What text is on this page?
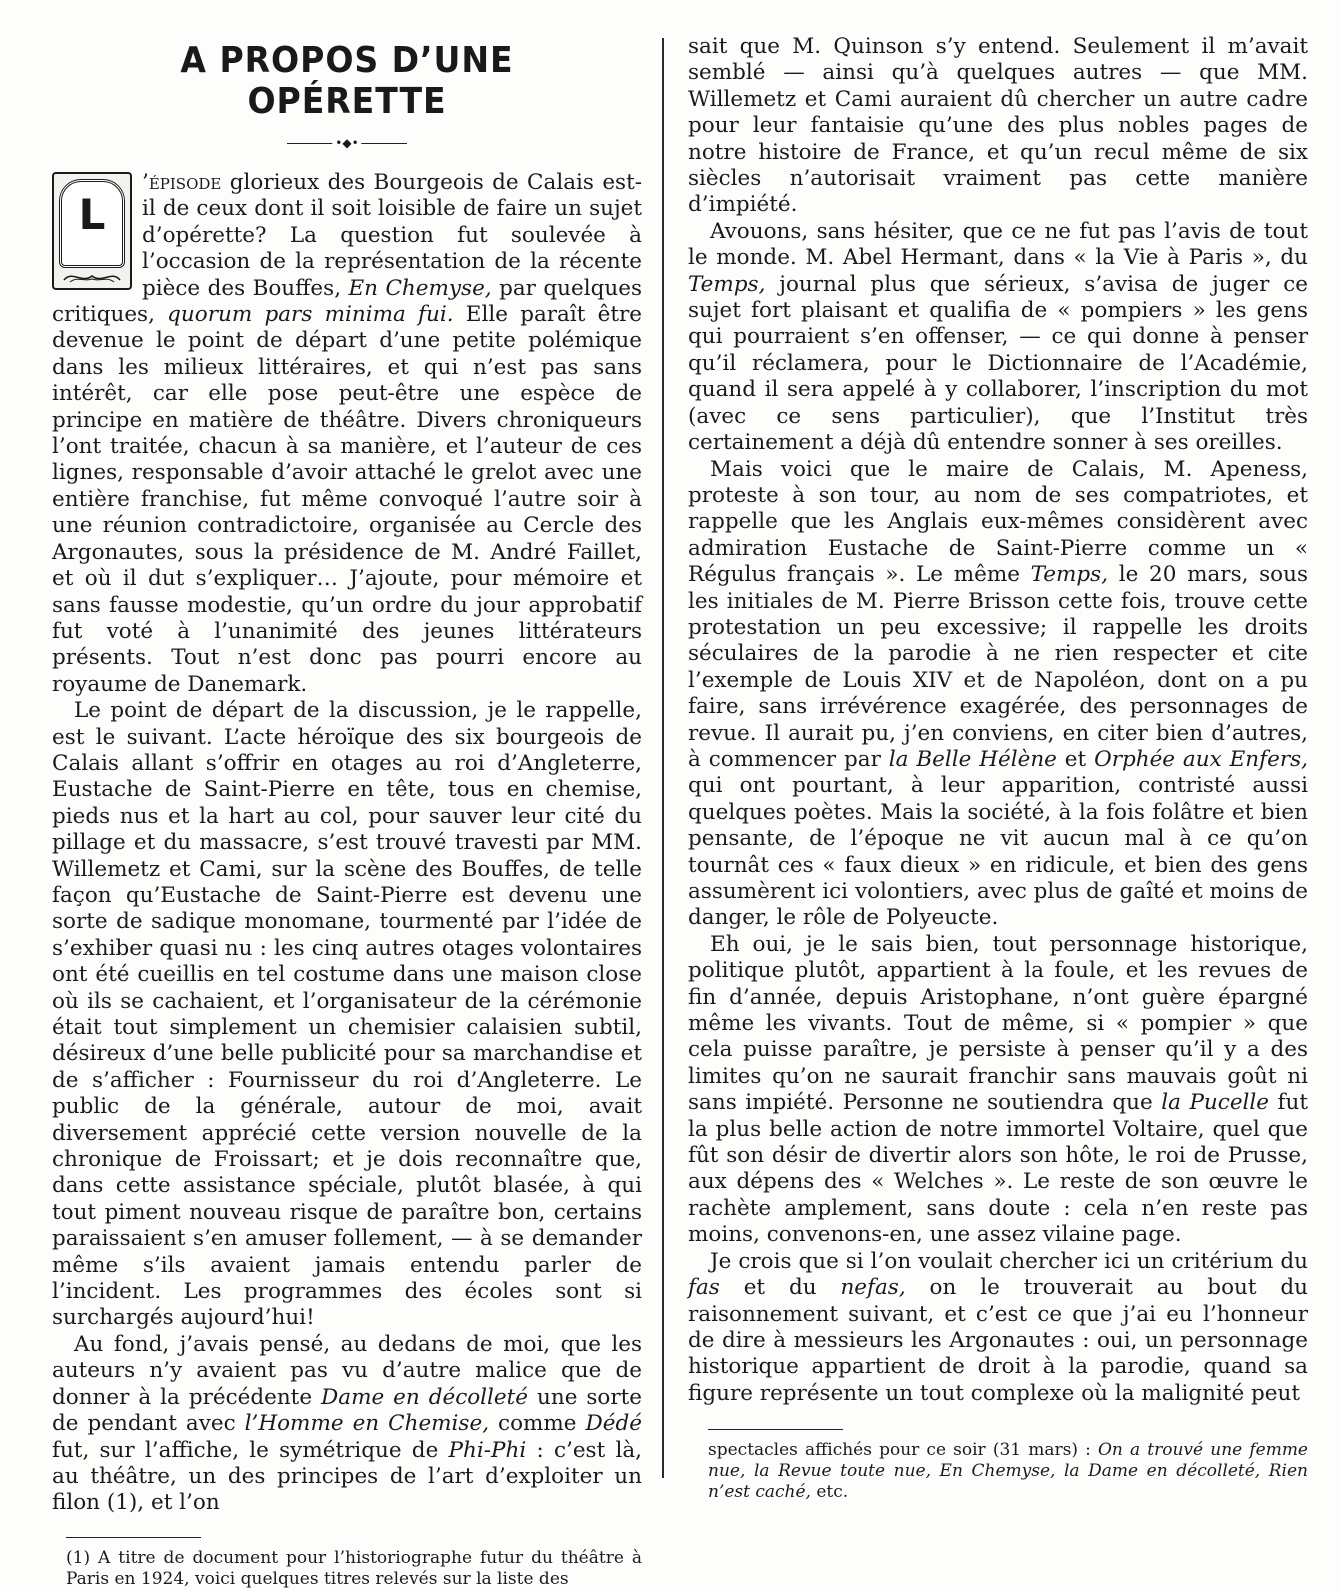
A PROPOS D’UNE OPÉRETTE
•◆•

L
’épisode glorieux des Bourgeois de Calais est-il de ceux dont il soit loisible de faire un sujet d’opérette? La question fut soulevée à l’occasion de la représentation de la récente pièce des Bouffes, En Chemyse, par quelques critiques, quorum pars minima fui. Elle paraît être devenue le point de départ d’une petite polémique dans les milieux littéraires, et qui n’est pas sans intérêt, car elle pose peut-être une espèce de principe en matière de théâtre. Divers chroniqueurs l’ont traitée, chacun à sa manière, et l’auteur de ces lignes, responsable d’avoir attaché le grelot avec une entière franchise, fut même convoqué l’autre soir à une réunion contradictoire, organisée au Cercle des Argonautes, sous la présidence de M. André Faillet, et où il dut s’expliquer… J’ajoute, pour mémoire et sans fausse modestie, qu’un ordre du jour approbatif fut voté à l’unanimité des jeunes littérateurs présents. Tout n’est donc pas pourri encore au royaume de Danemark.

Le point de départ de la discussion, je le rappelle, est le suivant. L’acte héroïque des six bourgeois de Calais allant s’offrir en otages au roi d’Angleterre, Eustache de Saint-Pierre en tête, tous en chemise, pieds nus et la hart au col, pour sauver leur cité du pillage et du massacre, s’est trouvé travesti par MM. Willemetz et Cami, sur la scène des Bouffes, de telle façon qu’Eustache de Saint-Pierre est devenu une sorte de sadique monomane, tourmenté par l’idée de s’exhiber quasi nu : les cinq autres otages volontaires ont été cueillis en tel costume dans une maison close où ils se cachaient, et l’organisateur de la cérémonie était tout simplement un chemisier calaisien subtil, désireux d’une belle publicité pour sa marchandise et de s’afficher : Fournisseur du roi d’Angleterre. Le public de la générale, autour de moi, avait diversement apprécié cette version nouvelle de la chronique de Froissart; et je dois reconnaître que, dans cette assistance spéciale, plutôt blasée, à qui tout piment nouveau risque de paraître bon, certains paraissaient s’en amuser follement, — à se demander même s’ils avaient jamais entendu parler de l’incident. Les programmes des écoles sont si surchargés aujourd’hui!

Au fond, j’avais pensé, au dedans de moi, que les auteurs n’y avaient pas vu d’autre malice que de donner à la précédente Dame en décolleté une sorte de pendant avec l’Homme en Chemise, comme Dédé fut, sur l’affiche, le symétrique de Phi-Phi : c’est là, au théâtre, un des principes de l’art d’exploiter un filon (1), et l’on

(1) A titre de document pour l’historiographe futur du théâtre à Paris en 1924, voici quelques titres relevés sur la liste des

sait que M. Quinson s’y entend. Seulement il m’avait semblé — ainsi qu’à quelques autres — que MM. Willemetz et Cami auraient dû chercher un autre cadre pour leur fantaisie qu’une des plus nobles pages de notre histoire de France, et qu’un recul même de six siècles n’autorisait vraiment pas cette manière d’impiété.

Avouons, sans hésiter, que ce ne fut pas l’avis de tout le monde. M. Abel Hermant, dans « la Vie à Paris », du Temps, journal plus que sérieux, s’avisa de juger ce sujet fort plaisant et qualifia de « pompiers » les gens qui pourraient s’en offenser, — ce qui donne à penser qu’il réclamera, pour le Dictionnaire de l’Académie, quand il sera appelé à y collaborer, l’inscription du mot (avec ce sens particulier), que l’Institut très certainement a déjà dû entendre sonner à ses oreilles.

Mais voici que le maire de Calais, M. Apeness, proteste à son tour, au nom de ses compatriotes, et rappelle que les Anglais eux-mêmes considèrent avec admiration Eustache de Saint-Pierre comme un « Régulus français ». Le même Temps, le 20 mars, sous les initiales de M. Pierre Brisson cette fois, trouve cette protestation un peu excessive; il rappelle les droits séculaires de la parodie à ne rien respecter et cite l’exemple de Louis XIV et de Napoléon, dont on a pu faire, sans irrévérence exagérée, des personnages de revue. Il aurait pu, j’en conviens, en citer bien d’autres, à commencer par la Belle Hélène et Orphée aux Enfers, qui ont pourtant, à leur apparition, contristé aussi quelques poètes. Mais la société, à la fois folâtre et bien pensante, de l’époque ne vit aucun mal à ce qu’on tournât ces « faux dieux » en ridicule, et bien des gens assumèrent ici volontiers, avec plus de gaîté et moins de danger, le rôle de Polyeucte.

Eh oui, je le sais bien, tout personnage historique, politique plutôt, appartient à la foule, et les revues de fin d’année, depuis Aristophane, n’ont guère épargné même les vivants. Tout de même, si « pompier » que cela puisse paraître, je persiste à penser qu’il y a des limites qu’on ne saurait franchir sans mauvais goût ni sans impiété. Personne ne soutiendra que la Pucelle fut la plus belle action de notre immortel Voltaire, quel que fût son désir de divertir alors son hôte, le roi de Prusse, aux dépens des « Welches ». Le reste de son œuvre le rachète amplement, sans doute : cela n’en reste pas moins, convenons-en, une assez vilaine page.

Je crois que si l’on voulait chercher ici un critérium du fas et du nefas, on le trouverait au bout du raisonnement suivant, et c’est ce que j’ai eu l’honneur de dire à messieurs les Argonautes : oui, un personnage historique appartient de droit à la parodie, quand sa figure représente un tout complexe où la malignité peut

spectacles affichés pour ce soir (31 mars) : On a trouvé une femme nue, la Revue toute nue, En Chemyse, la Dame en décolleté, Rien n’est caché, etc.
